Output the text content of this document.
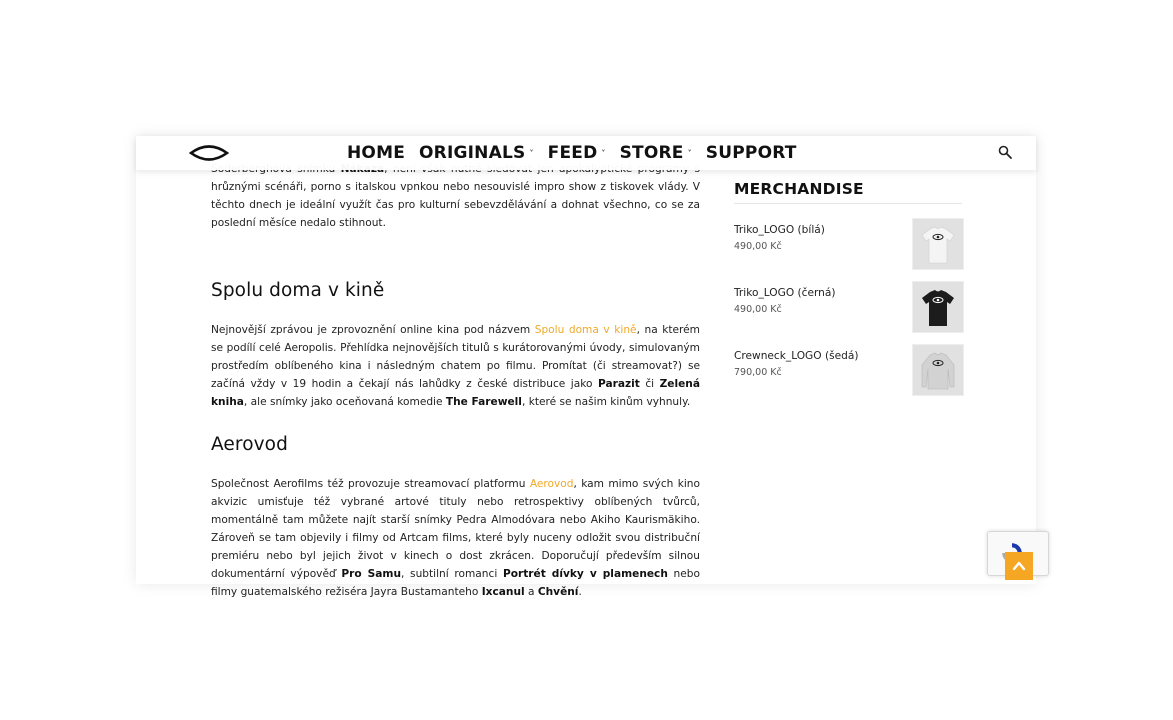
hrůznými scénáři, porno s italskou vpnkou nebo nesouvislé impro show z tiskovek vlády. V těchto dnech je ideální využít čas pro kulturní sebevzdělávání a dohnat všechno, co se za poslední měsíce nedalo stihnout.

Spolu doma v kině

Nejnovější zprávou je zprovoznění online kina pod názvem Spolu doma v kině, na kterém se podílí celé Aeropolis. Přehlídka nejnovějších titulů s kurátorovanými úvody, simulovaným prostředím oblíbeného kina i následným chatem po filmu. Promítat (či streamovat?) se začíná vždy v 19 hodin a čekají nás lahůdky z české distribuce jako Parazit či Zelená kniha, ale snímky jako oceňovaná komedie The Farewell, které se našim kinům vyhnuly.

Aerovod

Společnost Aerofilms též provozuje streamovací platformu Aerovod, kam mimo svých kino akvizic umisťuje též vybrané artové tituly nebo retrospektivy oblíbených tvůrců, momentálně tam můžete najít starší snímky Pedra Almodóvara nebo Akiho Kaurismäkiho. Zároveň se tam objevily i filmy od Artcam films, které byly nuceny odložit svou distribuční premiéru nebo byl jejich život v kinech o dost zkrácen. Doporučují především silnou dokumentární výpověď Pro Samu, subtilní romanci Portrét dívky v plamenech nebo filmy guatemalského režiséra Jayra Bustamanteho Ixcanul a Chvění.

HOME ORIGINALS ˅ FEED ˅ STORE ˅ SUPPORT
MERCHANDISE
Triko_LOGO (bílá)
490,00 Kč
Triko_LOGO (černá)
490,00 Kč
Crewneck_LOGO (šedá)
790,00 Kč
